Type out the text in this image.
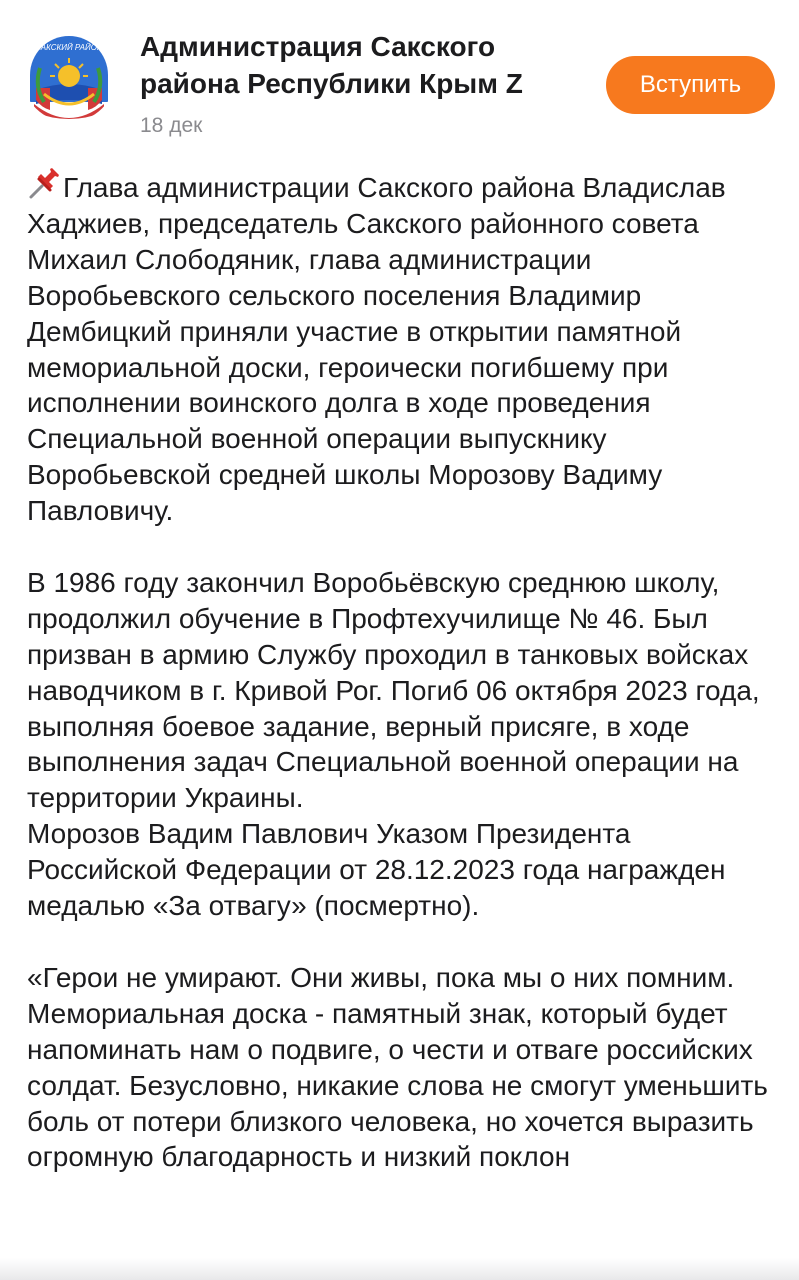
САКСКИЙ РАЙОН Администрация Сакского района Республики Крым Z
18 дек
Вступить

Глава администрации Сакского района Владислав Хаджиев, председатель Сакского районного совета Михаил Слободяник, глава администрации Воробьевского сельского поселения Владимир Дембицкий приняли участие в открытии памятной мемориальной доски, героически погибшему при исполнении воинского долга в ходе проведения Специальной военной операции выпускнику Воробьевской средней школы Морозову Вадиму Павловичу.

В 1986 году закончил Воробьёвскую среднюю школу, продолжил обучение в Профтехучилище № 46. Был призван в армию Службу проходил в танковых войсках наводчиком в г. Кривой Рог. Погиб 06 октября 2023 года, выполняя боевое задание, верный присяге, в ходе выполнения задач Специальной военной операции на территории Украины.
Морозов Вадим Павлович Указом Президента Российской Федерации от 28.12.2023 года награжден медалью «За отвагу» (посмертно).

«Герои не умирают. Они живы, пока мы о них помним. Мемориальная доска - памятный знак, который будет напоминать нам о подвиге, о чести и отваге российских солдат. Безусловно, никакие слова не смогут уменьшить боль от потери близкого человека, но хочется выразить огромную благодарность и низкий поклон
